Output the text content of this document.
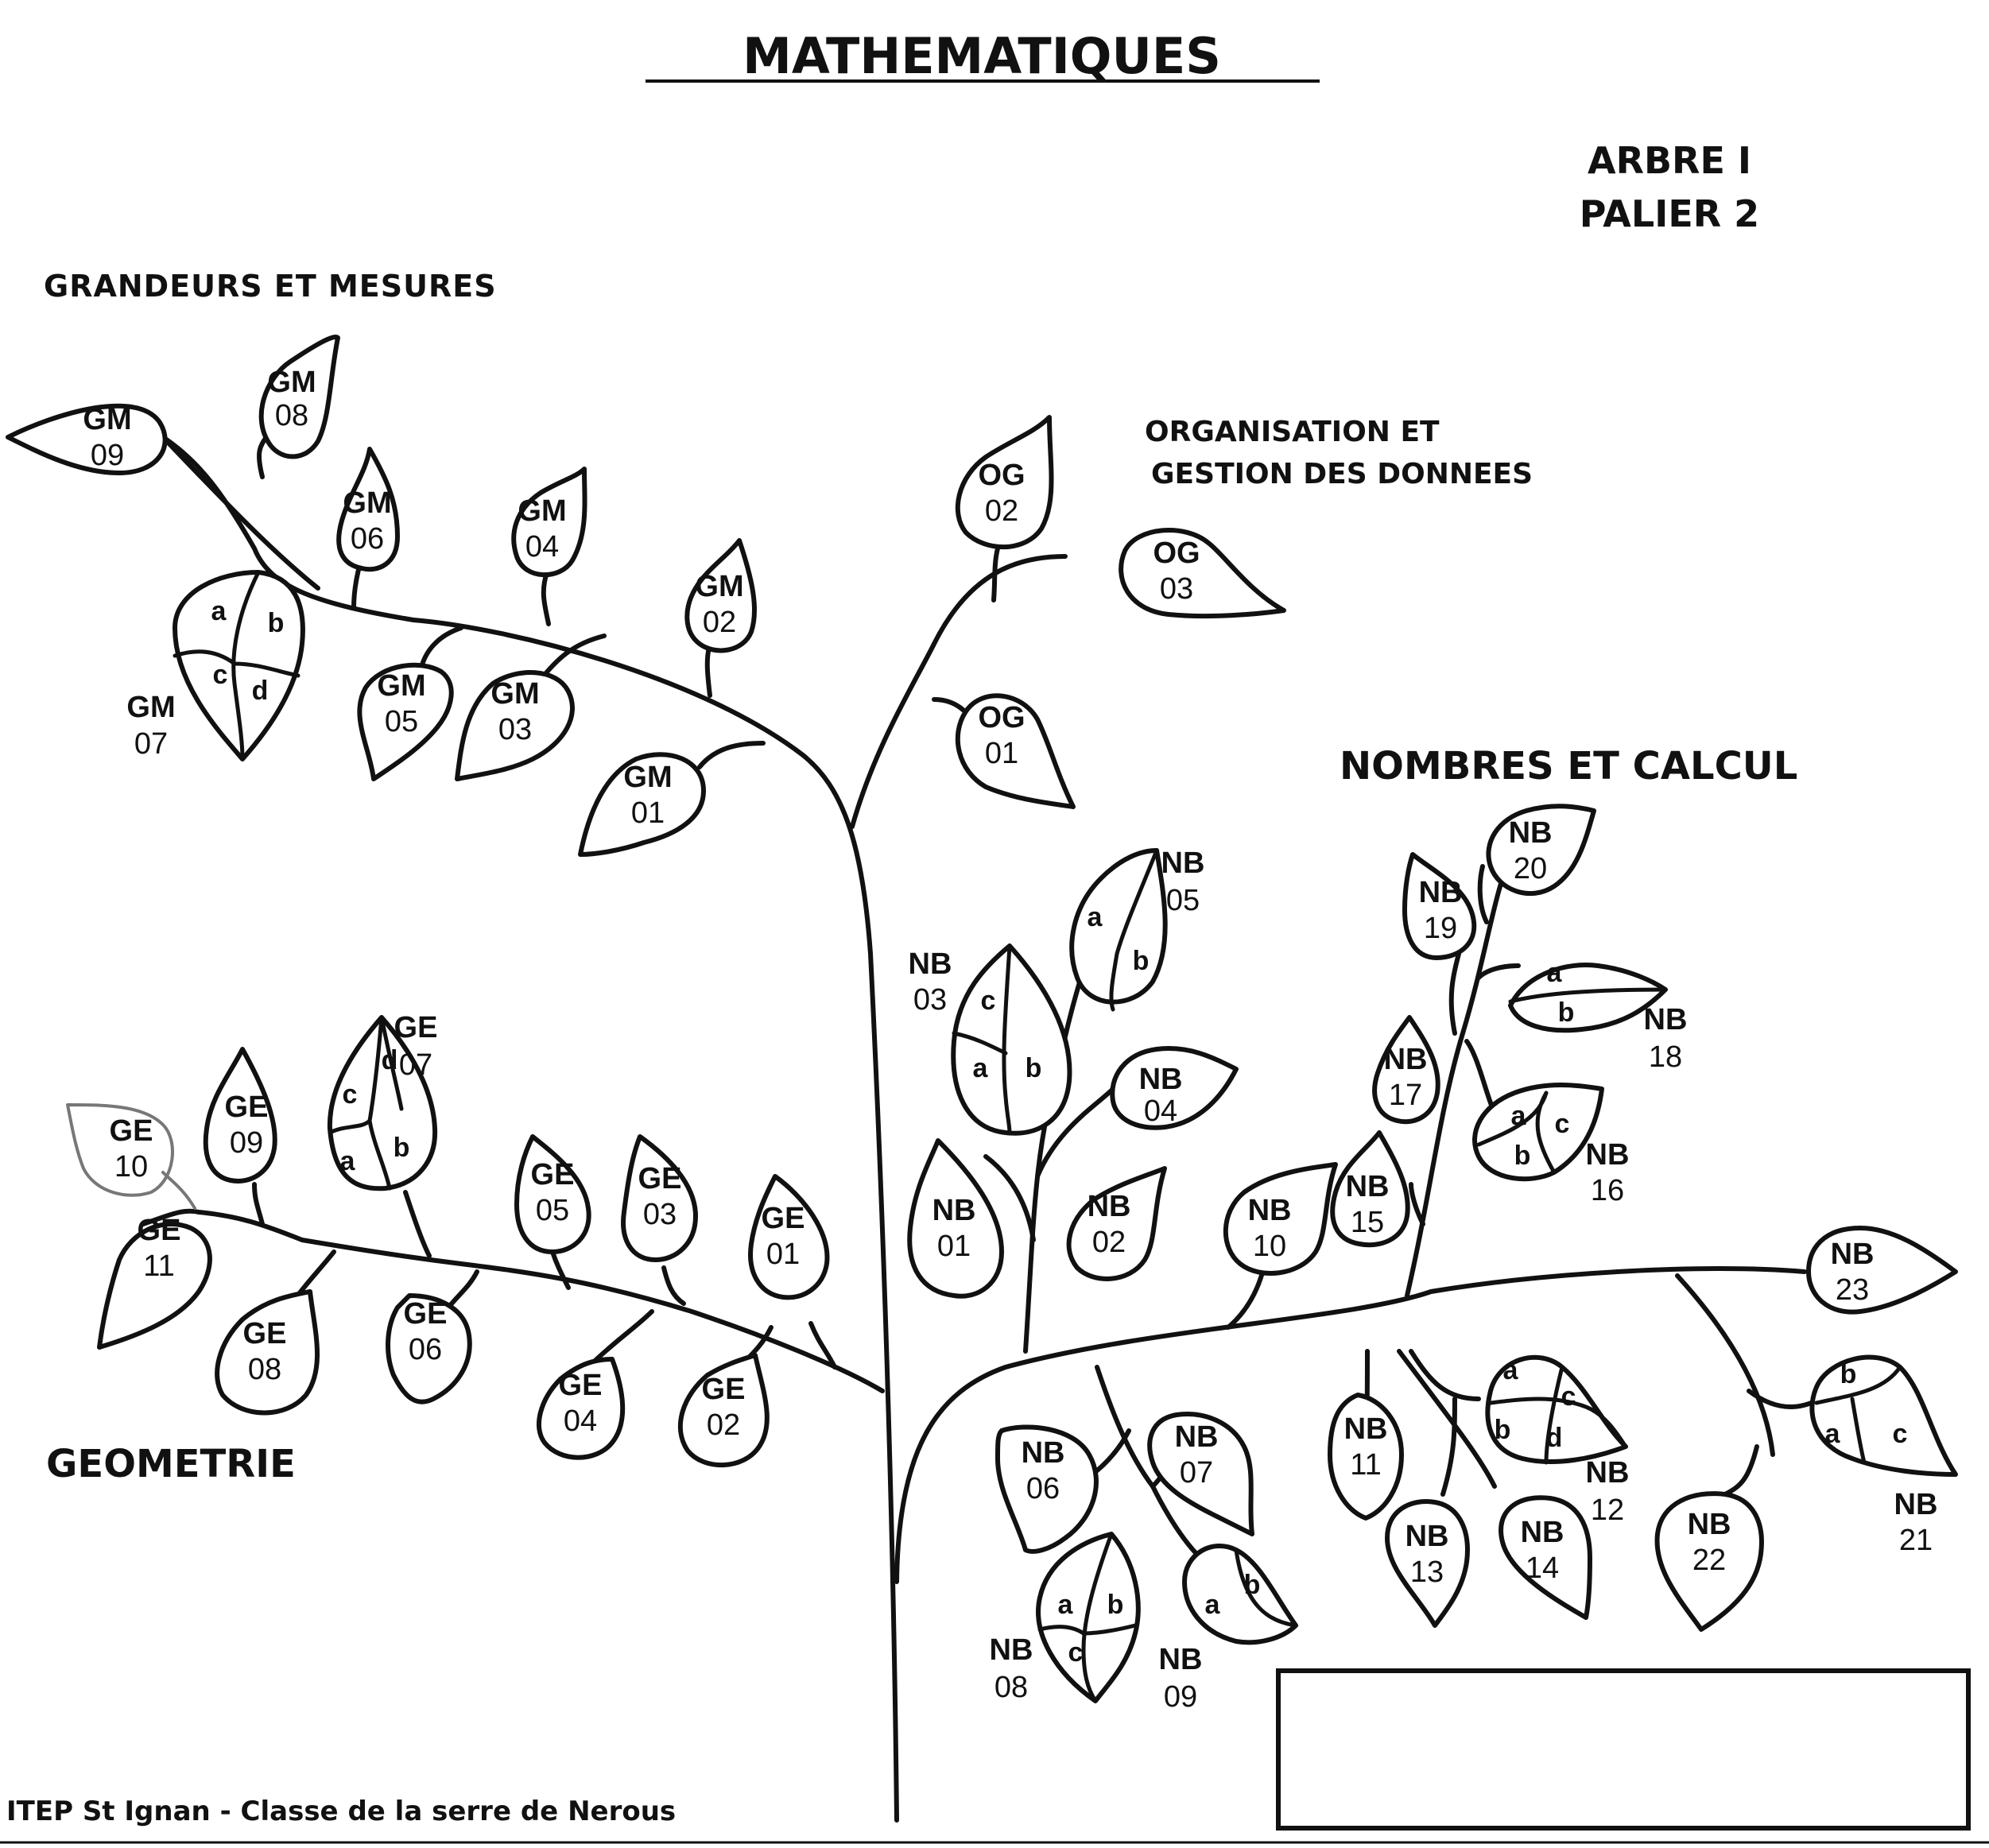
MATHEMATIQUES
ARBRE I
PALIER 2
GRANDEURS ET MESURES
ORGANISATION ET
GESTION DES DONNEES
NOMBRES ET CALCUL
GEOMETRIE
ITEP St Ignan - Classe de la serre de Nerous
GM
09
GM
08
GM
06
GM
04
a b
c
d
GM
07
GM
05
GM
03
GM
02
GM
01
OG
02
OG
03
OG
01
a
b
NB
05
c
a b
NB
03
NB
04
NB
01
NB
02
NB
10
NB
20
NB
19
a
b NB
18
NB
17
a c
b NB
16
NB
15
NB
23
a
c
b d
NB
12
NB
11
b
a c
NB
21
NB
06
NB
07
a b
c
NB
08
a
b
NB
09
NB
13
NB
14
NB
22
c
d
a b
GE
07
GE
09
GE
10
GE
11
GE
05
GE
03	GE
01
GE
08
GE
06
GE
04
GE
02
